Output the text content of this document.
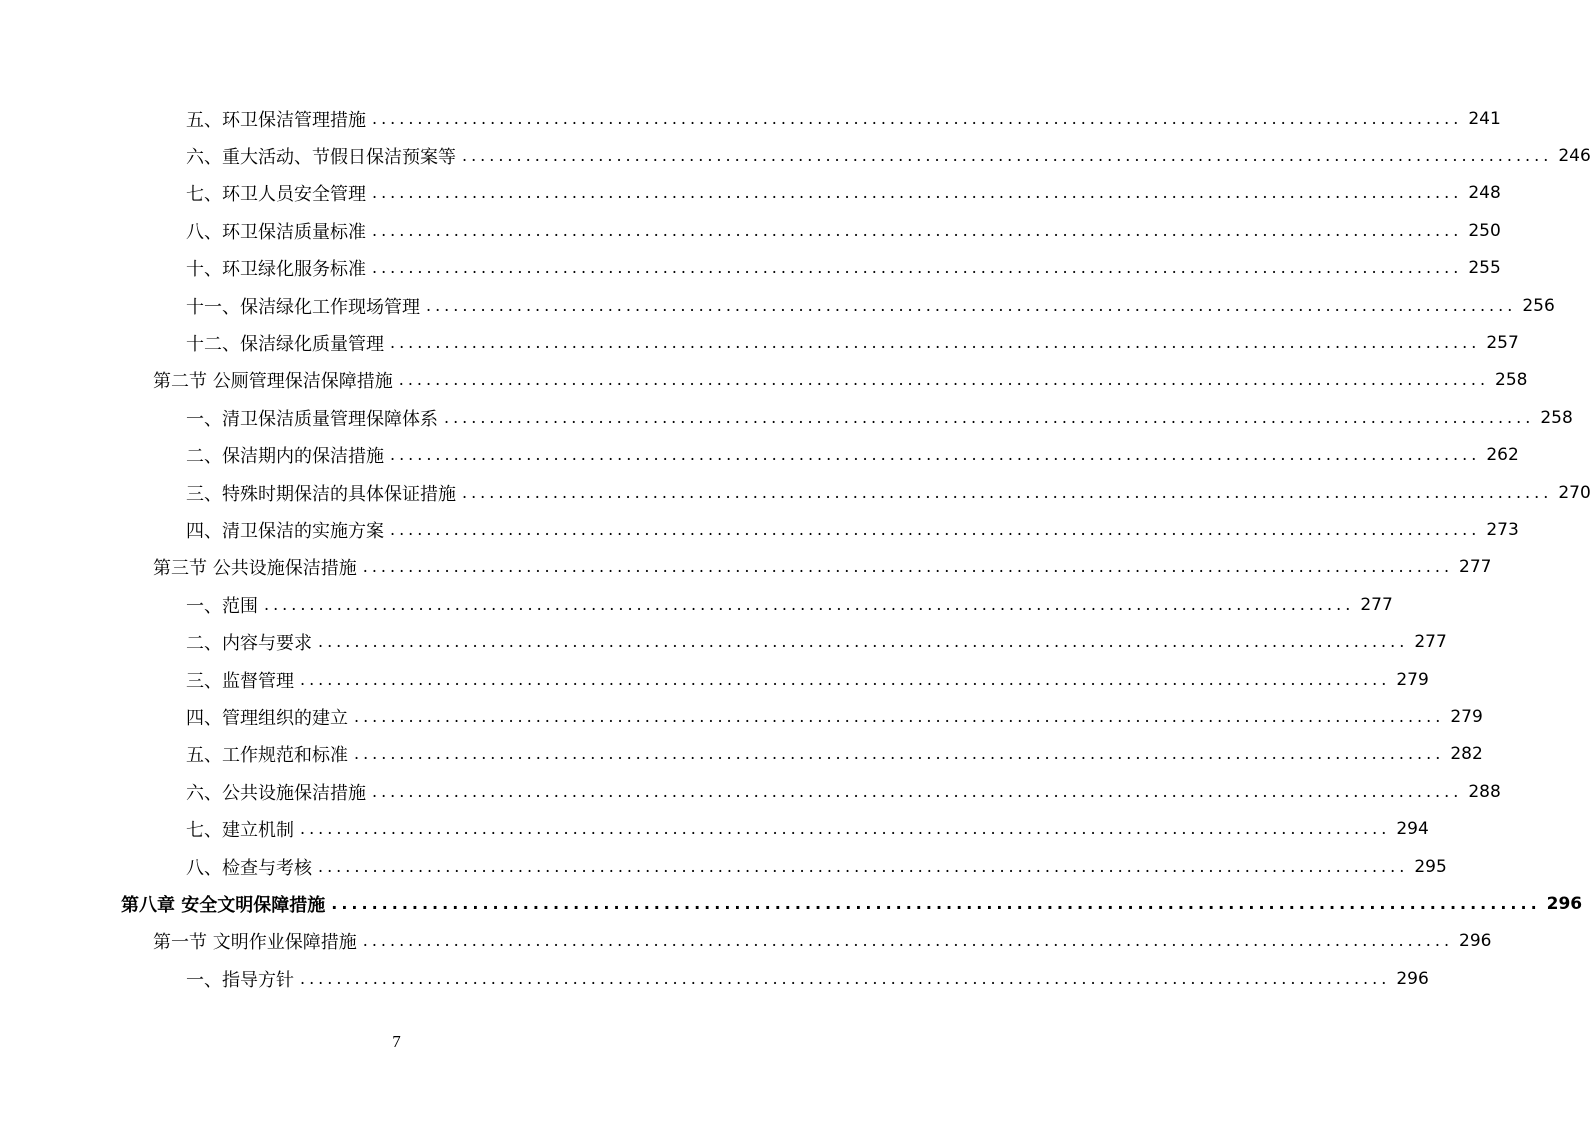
五、环卫保洁管理措施 ........................................................................................................................ 241
六、重大活动、节假日保洁预案等 ........................................................................................................................ 246
七、环卫人员安全管理 ........................................................................................................................ 248
八、环卫保洁质量标准 ........................................................................................................................ 250
十、环卫绿化服务标准 ........................................................................................................................ 255
十一、保洁绿化工作现场管理 ........................................................................................................................ 256
十二、保洁绿化质量管理 ........................................................................................................................ 257
第二节 公厕管理保洁保障措施 ........................................................................................................................ 258
一、清卫保洁质量管理保障体系 ........................................................................................................................ 258
二、保洁期内的保洁措施 ........................................................................................................................ 262
三、特殊时期保洁的具体保证措施 ........................................................................................................................ 270
四、清卫保洁的实施方案 ........................................................................................................................ 273
第三节 公共设施保洁措施 ........................................................................................................................ 277
一、范围 ........................................................................................................................ 277
二、内容与要求 ........................................................................................................................ 277
三、监督管理 ........................................................................................................................ 279
四、管理组织的建立 ........................................................................................................................ 279
五、工作规范和标准 ........................................................................................................................ 282
六、公共设施保洁措施 ........................................................................................................................ 288
七、建立机制 ........................................................................................................................ 294
八、检查与考核 ........................................................................................................................ 295
第八章 安全文明保障措施 ........................................................................................................................ 296
第一节 文明作业保障措施 ........................................................................................................................ 296
一、指导方针 ........................................................................................................................ 296
7
